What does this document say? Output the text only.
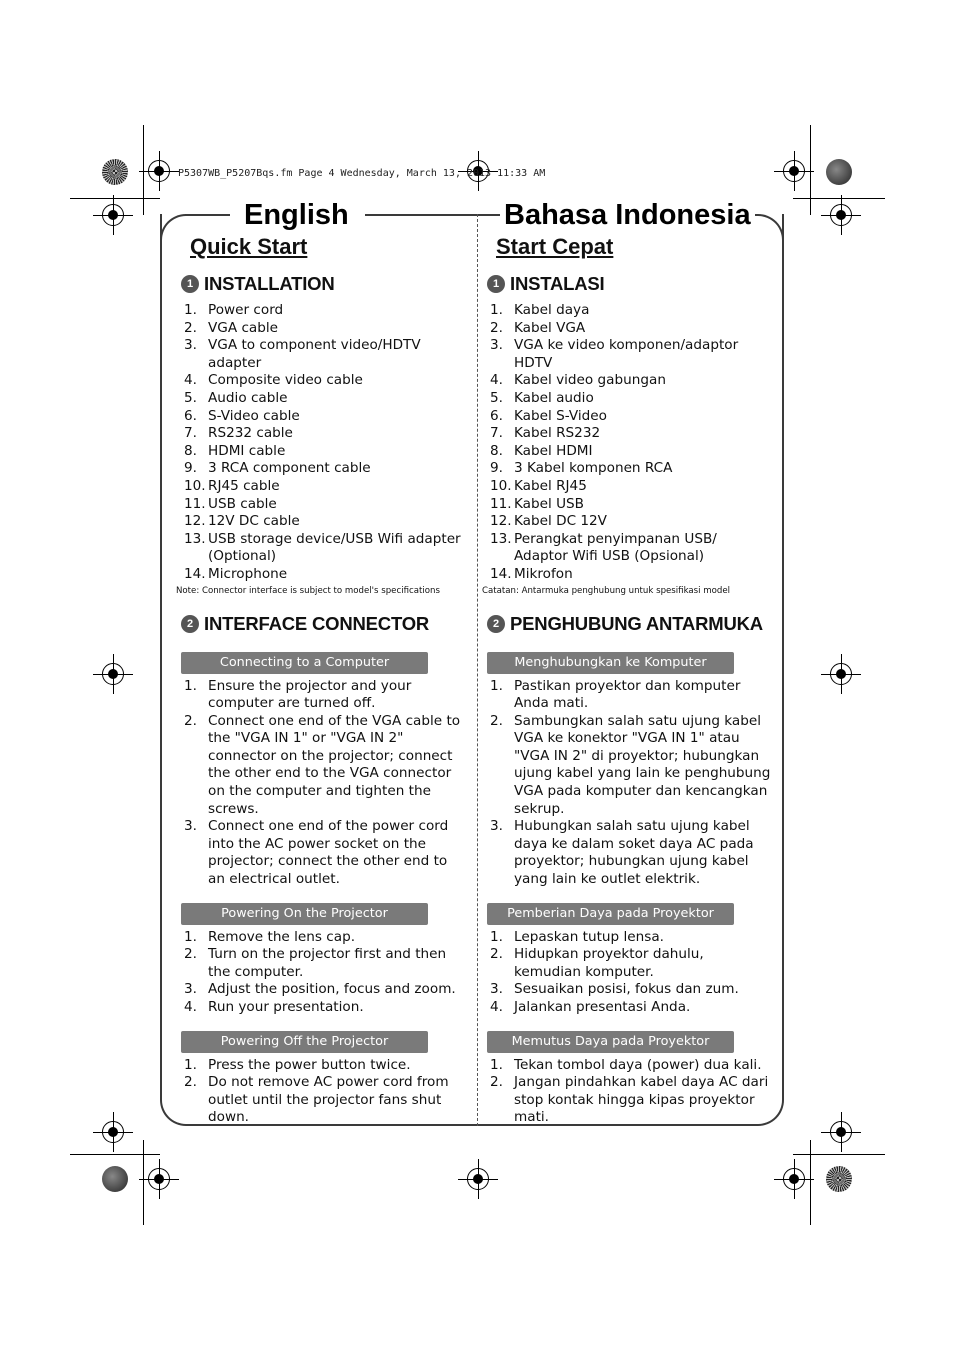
P5307WB_P5207Bqs.fm Page 4 Wednesday, March 13, 2013 11:33 AM
English	Bahasa Indonesia
Quick Start
1 INSTALLATION
1. Power cord
2. VGA cable
3. VGA to component video/HDTV adapter
4. Composite video cable
5. Audio cable
6. S-Video cable
7. RS232 cable
8. HDMI cable
9. 3 RCA component cable
10. RJ45 cable
11. USB cable
12. 12V DC cable
13. USB storage device/USB Wifi adapter (Optional)
14. Microphone
Note: Connector interface is subject to model's specifications
2 INTERFACE CONNECTOR
Connecting to a Computer
1. Ensure the projector and your computer are turned off.
2. Connect one end of the VGA cable to the "VGA IN 1" or "VGA IN 2" connector on the projector; connect the other end to the VGA connector on the computer and tighten the screws.
3. Connect one end of the power cord into the AC power socket on the projector; connect the other end to an electrical outlet.
Powering On the Projector
1. Remove the lens cap.
2. Turn on the projector first and then the computer.
3. Adjust the position, focus and zoom.
4. Run your presentation.
Powering Off the Projector
1. Press the power button twice.
2. Do not remove AC power cord from outlet until the projector fans shut down.
Start Cepat
1 INSTALASI
1. Kabel daya
2. Kabel VGA
3. VGA ke video komponen/adaptor HDTV
4. Kabel video gabungan
5. Kabel audio
6. Kabel S-Video
7. Kabel RS232
8. Kabel HDMI
9. 3 Kabel komponen RCA
10. Kabel RJ45
11. Kabel USB
12. Kabel DC 12V
13. Perangkat penyimpanan USB/ Adaptor Wifi USB (Opsional)
14. Mikrofon
Catatan: Antarmuka penghubung untuk spesifikasi model
2 PENGHUBUNG ANTARMUKA
Menghubungkan ke Komputer
1. Pastikan proyektor dan komputer Anda mati.
2. Sambungkan salah satu ujung kabel VGA ke konektor "VGA IN 1" atau "VGA IN 2" di proyektor; hubungkan ujung kabel yang lain ke penghubung VGA pada komputer dan kencangkan sekrup.
3. Hubungkan salah satu ujung kabel daya ke dalam soket daya AC pada proyektor; hubungkan ujung kabel yang lain ke outlet elektrik.
Pemberian Daya pada Proyektor
1. Lepaskan tutup lensa.
2. Hidupkan proyektor dahulu, kemudian komputer.
3. Sesuaikan posisi, fokus dan zum.
4. Jalankan presentasi Anda.
Memutus Daya pada Proyektor
1. Tekan tombol daya (power) dua kali.
2. Jangan pindahkan kabel daya AC dari stop kontak hingga kipas proyektor mati.
